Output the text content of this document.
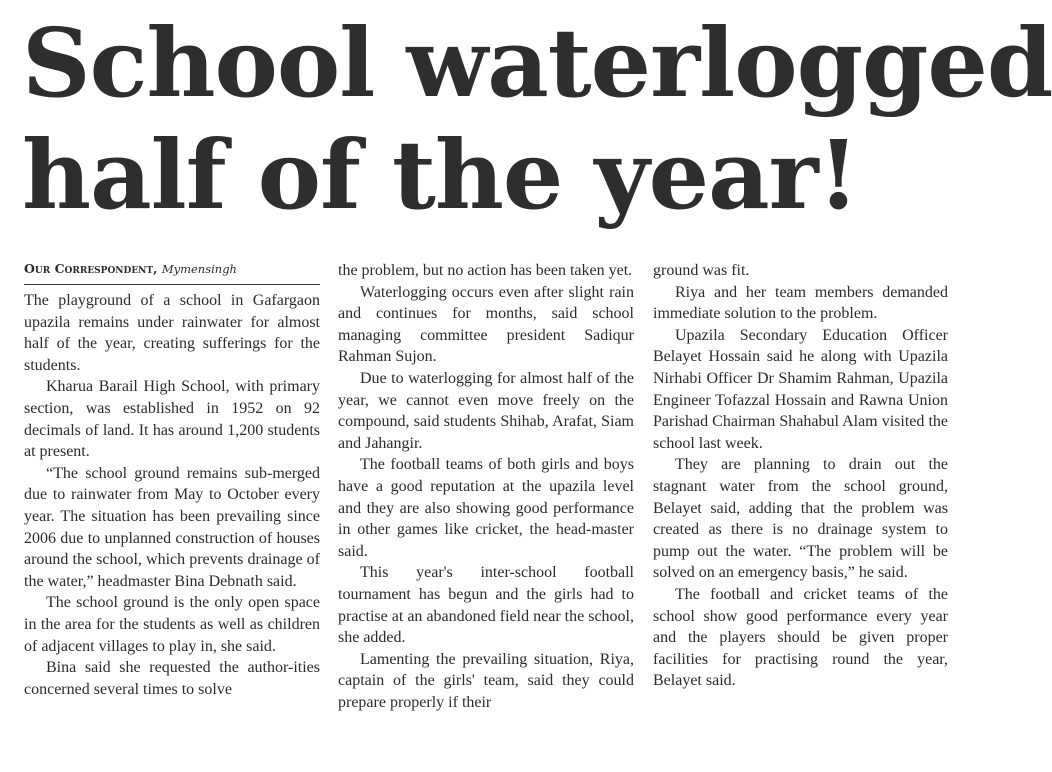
School waterlogged
half of the year!
Our Correspondent, Mymensingh

The playground of a school in Gafargaon upazila remains under rainwater for almost half of the year, creating sufferings for the students.

Kharua Barail High School, with primary section, was established in 1952 on 92 decimals of land. It has around 1,200 students at present.

“The school ground remains sub-merged due to rainwater from May to October every year. The situation has been prevailing since 2006 due to unplanned construction of houses around the school, which prevents drainage of the water,” headmaster Bina Debnath said.

The school ground is the only open space in the area for the students as well as children of adjacent villages to play in, she said.

Bina said she requested the author-ities concerned several times to solve

the problem, but no action has been taken yet.

Waterlogging occurs even after slight rain and continues for months, said school managing committee president Sadiqur Rahman Sujon.

Due to waterlogging for almost half of the year, we cannot even move freely on the compound, said students Shihab, Arafat, Siam and Jahangir.

The football teams of both girls and boys have a good reputation at the upazila level and they are also showing good performance in other games like cricket, the head-master said.

This year's inter-school football tournament has begun and the girls had to practise at an abandoned field near the school, she added.

Lamenting the prevailing situation, Riya, captain of the girls' team, said they could prepare properly if their

ground was fit.

Riya and her team members demanded immediate solution to the problem.

Upazila Secondary Education Officer Belayet Hossain said he along with Upazila Nirhabi Officer Dr Shamim Rahman, Upazila Engineer Tofazzal Hossain and Rawna Union Parishad Chairman Shahabul Alam visited the school last week.

They are planning to drain out the stagnant water from the school ground, Belayet said, adding that the problem was created as there is no drainage system to pump out the water. “The problem will be solved on an emergency basis,” he said.

The football and cricket teams of the school show good performance every year and the players should be given proper facilities for practising round the year, Belayet said.
